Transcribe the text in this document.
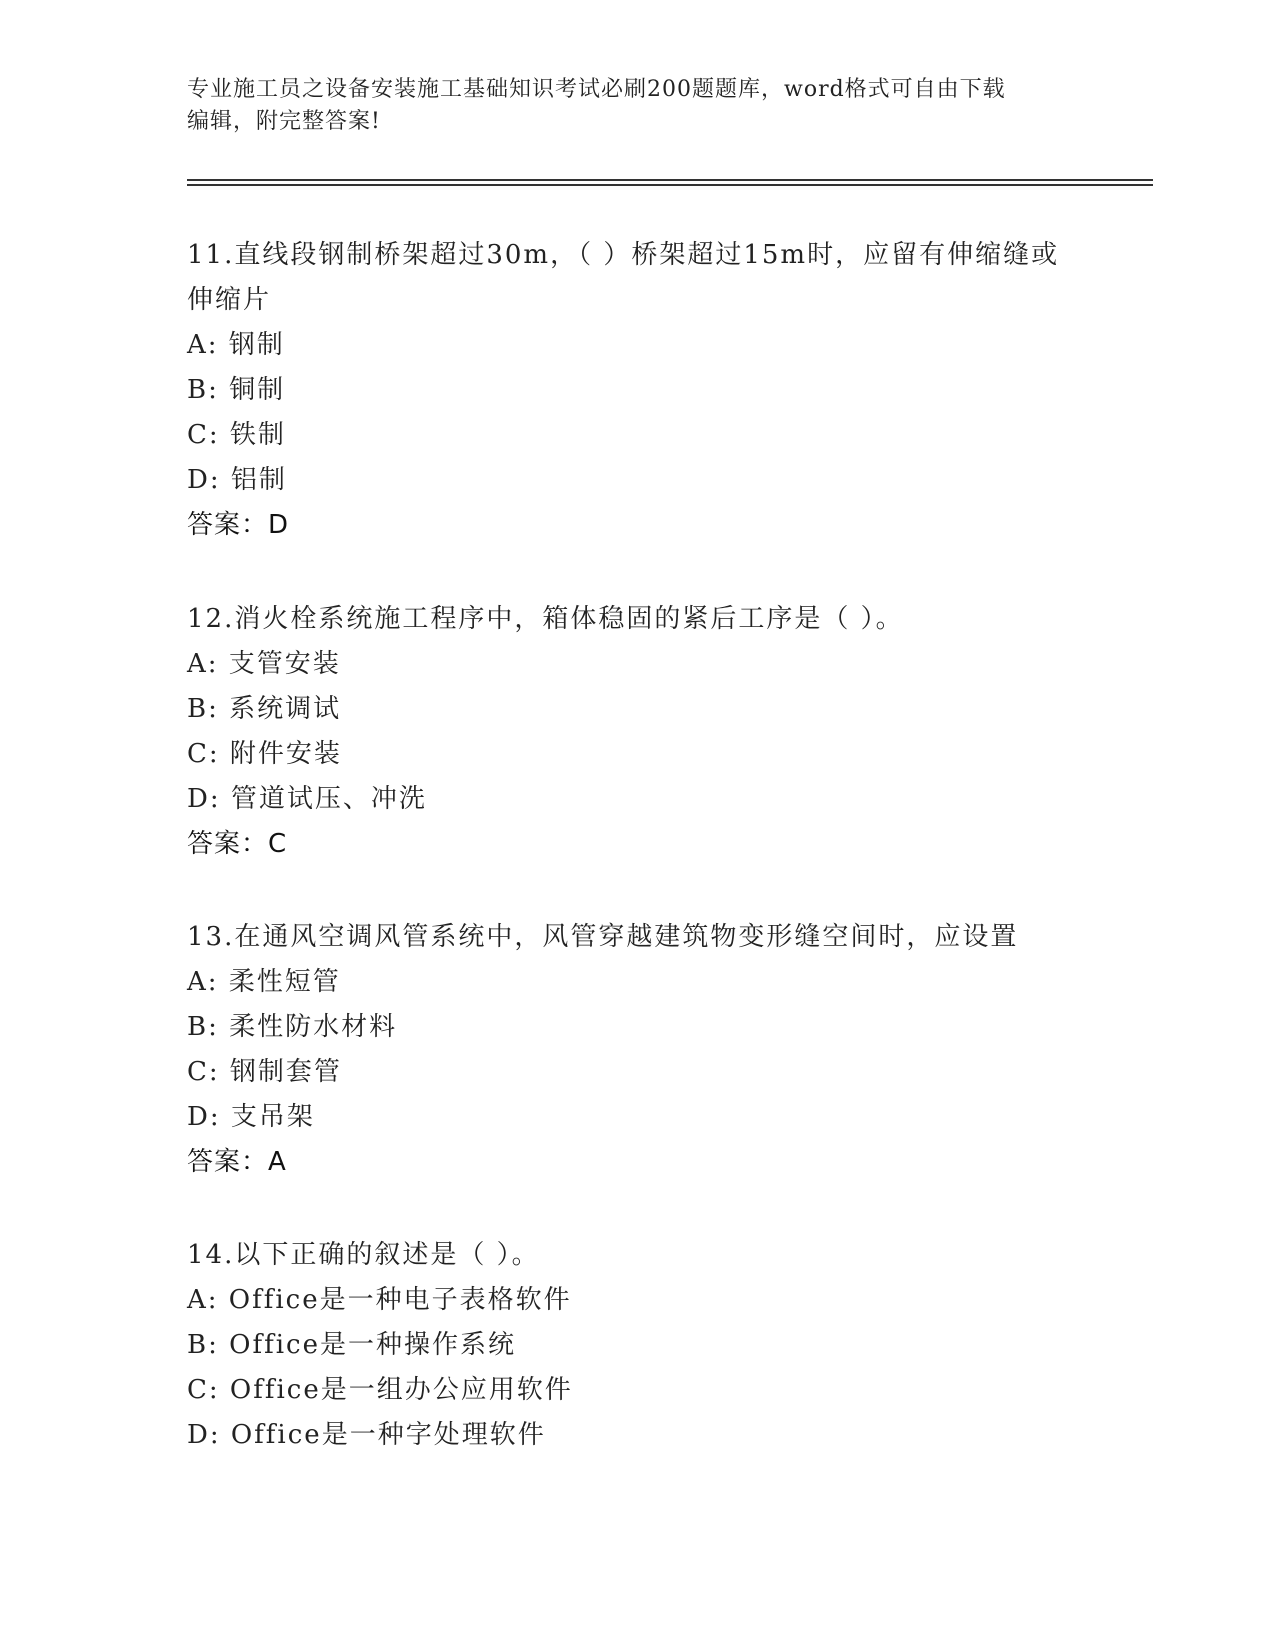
专业施工员之设备安装施工基础知识考试必刷200题题库，word格式可自由下载
编辑，附完整答案!
11.直线段钢制桥架超过30m，（ ）桥架超过15m时，应留有伸缩缝或
伸缩片
A: 钢制
B: 铜制
C: 铁制
D: 铝制
答案：D
12.消火栓系统施工程序中，箱体稳固的紧后工序是（ ）。
A: 支管安装
B: 系统调试
C: 附件安装
D: 管道试压、冲洗
答案：C
13.在通风空调风管系统中，风管穿越建筑物变形缝空间时，应设置
A: 柔性短管
B: 柔性防水材料
C: 钢制套管
D: 支吊架
答案：A
14.以下正确的叙述是（ ）。
A: Office是一种电子表格软件
B: Office是一种操作系统
C: Office是一组办公应用软件
D: Office是一种字处理软件
